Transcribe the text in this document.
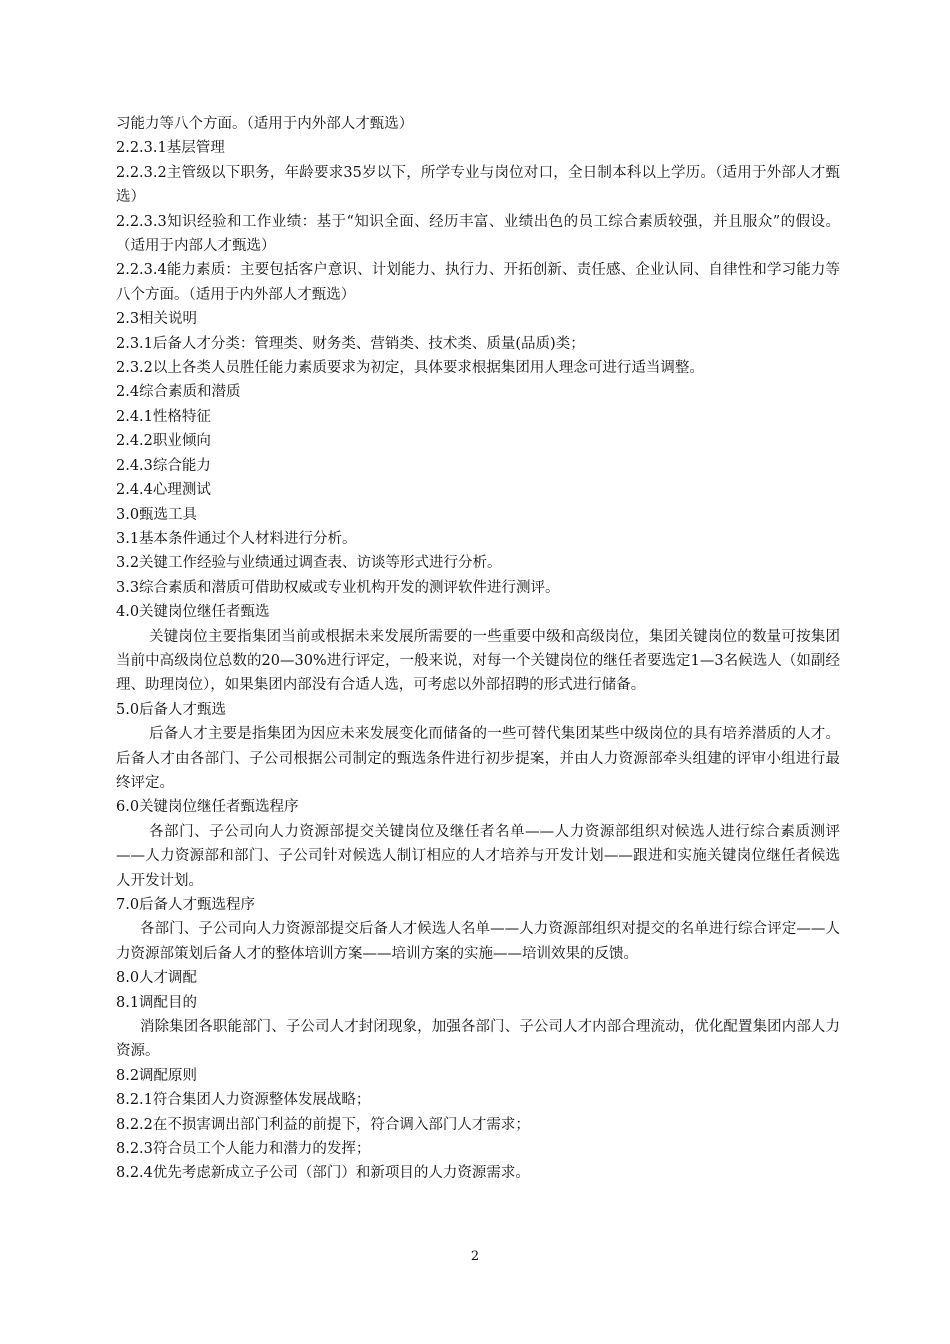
习能力等八个方面。（适用于内外部人才甄选）

2.2.3.1基层管理

2.2.3.2主管级以下职务，年龄要求35岁以下，所学专业与岗位对口，全日制本科以上学历。（适用于外部人才甄选）

2.2.3.3知识经验和工作业绩：基于“知识全面、经历丰富、业绩出色的员工综合素质较强，并且服众”的假设。（适用于内部人才甄选）

2.2.3.4能力素质：主要包括客户意识、计划能力、执行力、开拓创新、责任感、企业认同、自律性和学习能力等八个方面。（适用于内外部人才甄选）

2.3相关说明

2.3.1后备人才分类：管理类、财务类、营销类、技术类、质量(品质)类；

2.3.2以上各类人员胜任能力素质要求为初定，具体要求根据集团用人理念可进行适当调整。

2.4综合素质和潜质

2.4.1性格特征

2.4.2职业倾向

2.4.3综合能力

2.4.4心理测试

3.0甄选工具

3.1基本条件通过个人材料进行分析。

3.2关键工作经验与业绩通过调查表、访谈等形式进行分析。

3.3综合素质和潜质可借助权威或专业机构开发的测评软件进行测评。

4.0关键岗位继任者甄选

关键岗位主要指集团当前或根据未来发展所需要的一些重要中级和高级岗位，集团关键岗位的数量可按集团当前中高级岗位总数的20—30%进行评定，一般来说，对每一个关键岗位的继任者要选定1—3名候选人（如副经理、助理岗位），如果集团内部没有合适人选，可考虑以外部招聘的形式进行储备。

5.0后备人才甄选

后备人才主要是指集团为因应未来发展变化而储备的一些可替代集团某些中级岗位的具有培养潜质的人才。后备人才由各部门、子公司根据公司制定的甄选条件进行初步提案，并由人力资源部牵头组建的评审小组进行最终评定。

6.0关键岗位继任者甄选程序

各部门、子公司向人力资源部提交关键岗位及继任者名单——人力资源部组织对候选人进行综合素质测评——人力资源部和部门、子公司针对候选人制订相应的人才培养与开发计划——跟进和实施关键岗位继任者候选人开发计划。

7.0后备人才甄选程序

各部门、子公司向人力资源部提交后备人才候选人名单——人力资源部组织对提交的名单进行综合评定——人力资源部策划后备人才的整体培训方案——培训方案的实施——培训效果的反馈。

8.0人才调配

8.1调配目的

消除集团各职能部门、子公司人才封闭现象，加强各部门、子公司人才内部合理流动，优化配置集团内部人力资源。

8.2调配原则

8.2.1符合集团人力资源整体发展战略；

8.2.2在不损害调出部门利益的前提下，符合调入部门人才需求；

8.2.3符合员工个人能力和潜力的发挥；

8.2.4优先考虑新成立子公司（部门）和新项目的人力资源需求。

2
